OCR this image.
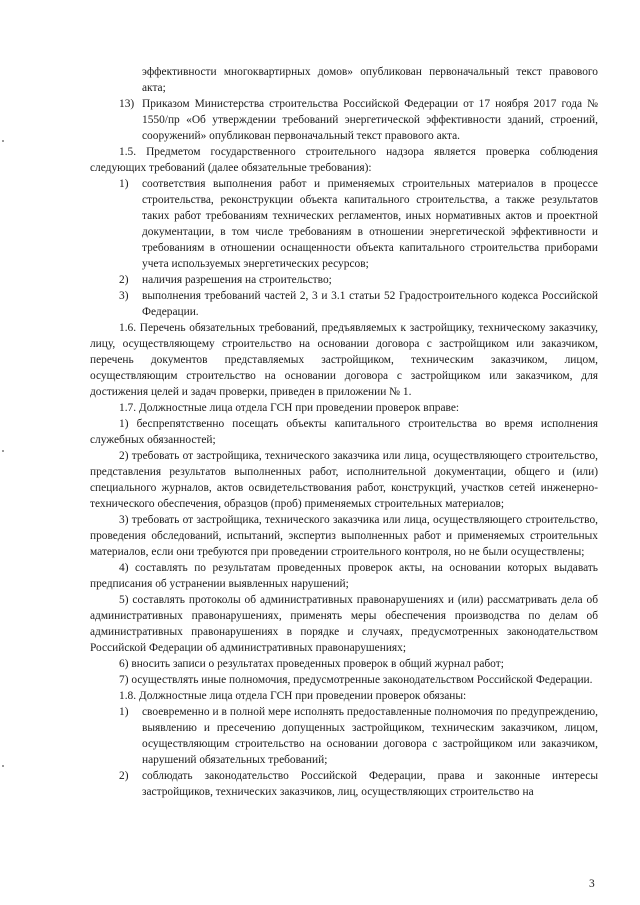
эффективности многоквартирных домов» опубликован первоначальный текст правового акта;

13) Приказом Министерства строительства Российской Федерации от 17 ноября 2017 года № 1550/пр «Об утверждении требований энергетической эффективности зданий, строений, сооружений» опубликован первоначальный текст правового акта.

1.5. Предметом государственного строительного надзора является проверка соблюдения следующих требований (далее обязательные требования):

1)	соответствия выполнения работ и применяемых строительных материалов в процессе строительства, реконструкции объекта капитального строительства, а также результатов таких работ требованиям технических регламентов, иных нормативных актов и проектной документации, в том числе требованиям в отношении энергетической эффективности и требованиям в отношении оснащенности объекта капитального строительства приборами учета используемых энергетических ресурсов;
2)	наличия разрешения на строительство;
3)	выполнения требований частей 2, 3 и 3.1 статьи 52 Градостроительного кодекса Российской Федерации.

1.6. Перечень обязательных требований, предъявляемых к застройщику, техническому заказчику, лицу, осуществляющему строительство на основании договора с застройщиком или заказчиком, перечень документов представляемых застройщиком, техническим заказчиком, лицом, осуществляющим строительство на основании договора с застройщиком или заказчиком, для достижения целей и задач проверки, приведен в приложении № 1.

1.7. Должностные лица отдела ГСН при проведении проверок вправе:

1) беспрепятственно посещать объекты капитального строительства во время исполнения служебных обязанностей;

2) требовать от застройщика, технического заказчика или лица, осуществляющего строительство, представления результатов выполненных работ, исполнительной документации, общего и (или) специального журналов, актов освидетельствования работ, конструкций, участков сетей инженерно-технического обеспечения, образцов (проб) применяемых строительных материалов;

3) требовать от застройщика, технического заказчика или лица, осуществляющего строительство, проведения обследований, испытаний, экспертиз выполненных работ и применяемых строительных материалов, если они требуются при проведении строительного контроля, но не были осуществлены;

4) составлять по результатам проведенных проверок акты, на основании которых выдавать предписания об устранении выявленных нарушений;

5) составлять протоколы об административных правонарушениях и (или) рассматривать дела об административных правонарушениях, применять меры обеспечения производства по делам об административных правонарушениях в порядке и случаях, предусмотренных законодательством Российской Федерации об административных правонарушениях;

6) вносить записи о результатах проведенных проверок в общий журнал работ;

7) осуществлять иные полномочия, предусмотренные законодательством Российской Федерации.

1.8. Должностные лица отдела ГСН при проведении проверок обязаны:

1)	своевременно и в полной мере исполнять предоставленные полномочия по предупреждению, выявлению и пресечению допущенных застройщиком, техническим заказчиком, лицом, осуществляющим строительство на основании договора с застройщиком или заказчиком, нарушений обязательных требований;
2)	соблюдать законодательство Российской Федерации, права и законные интересы застройщиков, технических заказчиков, лиц, осуществляющих строительство на
3
